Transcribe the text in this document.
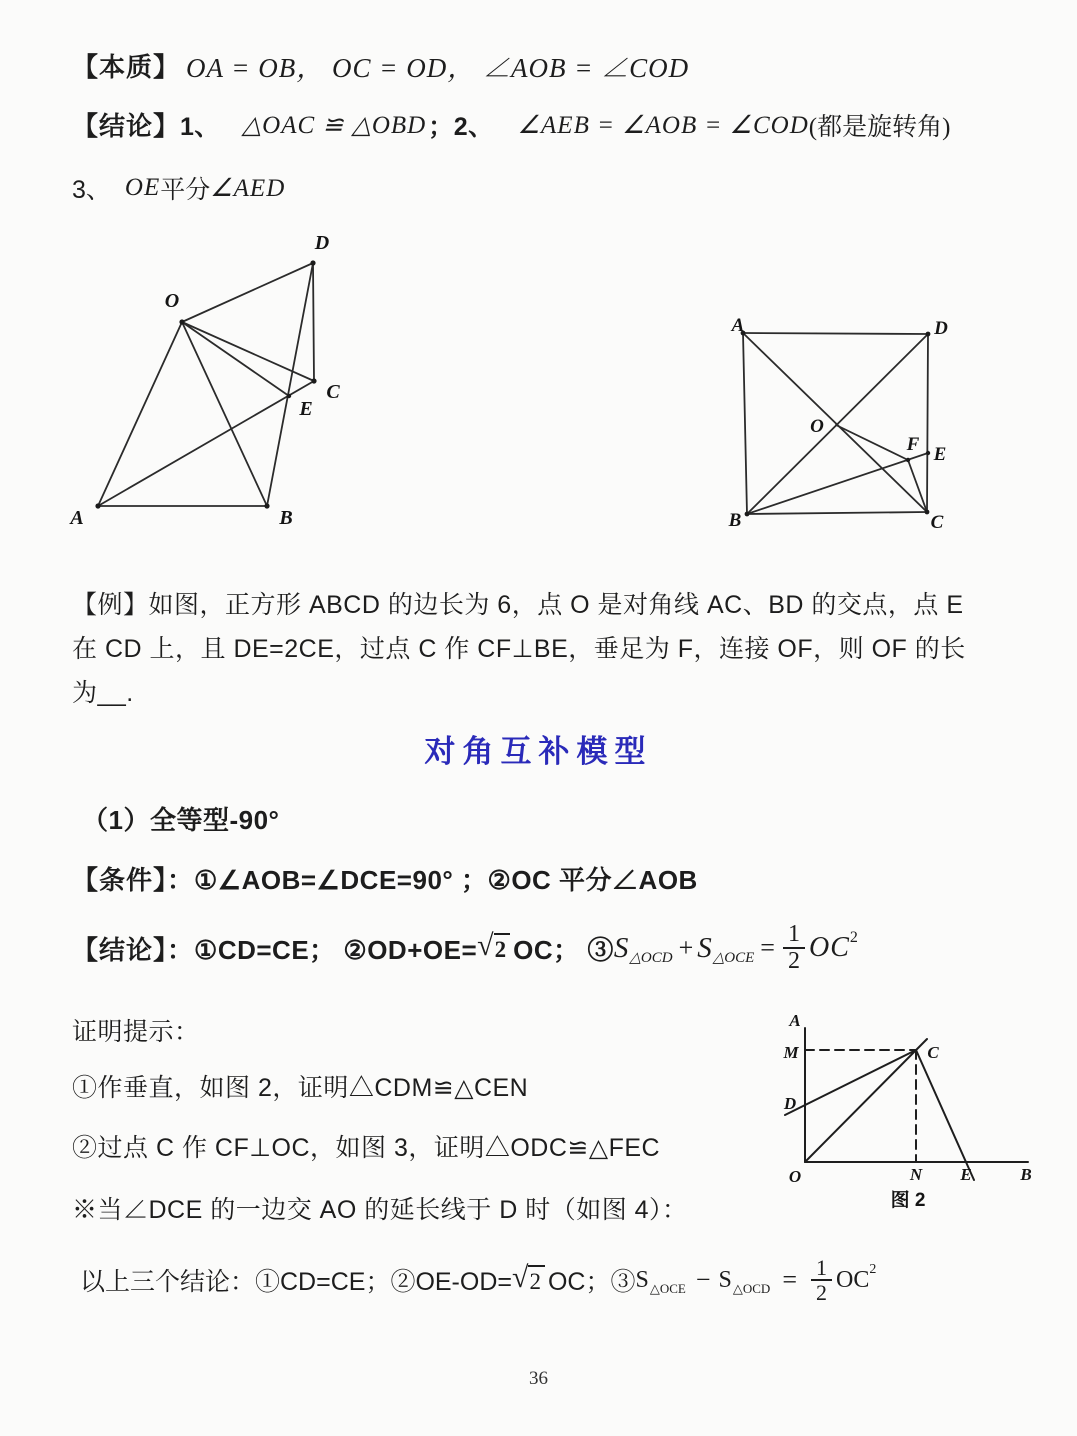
【本质】 OA = OB， OC = OD， ∠AOB = ∠COD
【结论】 1、 △OAC ≌ △OBD ；2、 ∠AEB = ∠AOB = ∠COD (都是旋转角)
3、 OE 平分 ∠AED
O
D
C
E
A	B
A	D
O
F E
B	C
【例】如图，正方形 ABCD 的边长为 6，点 O 是对角线 AC、BD 的交点，点 E
在 CD 上，且 DE=2CE，过点 C 作 CF⊥BE，垂足为 F，连接 OF，则 OF 的长
为__.
对角互补模型
（1）全等型-90°
【条件】： ①∠AOB=∠DCE=90° ；②OC 平分∠AOB
【结论】： ①CD=CE； ②OD+OE= √ 2 OC； ③ S △OCD + S △OCE = $\frac{1}{2}$ OC 2
证明提示：
①作垂直，如图 2，证明△CDM≌△CEN
②过点 C 作 CF⊥OC，如图 3，证明△ODC≌△FEC
※当∠DCE 的一边交 AO 的延长线于 D 时（如图 4）：
A
M
D
O	N E	B
C
图 2
以上三个结论：①CD=CE；②OE-OD= √ 2 OC；③ S △OCE − S △OCD = $\frac{1}{2}$ OC 2
36
